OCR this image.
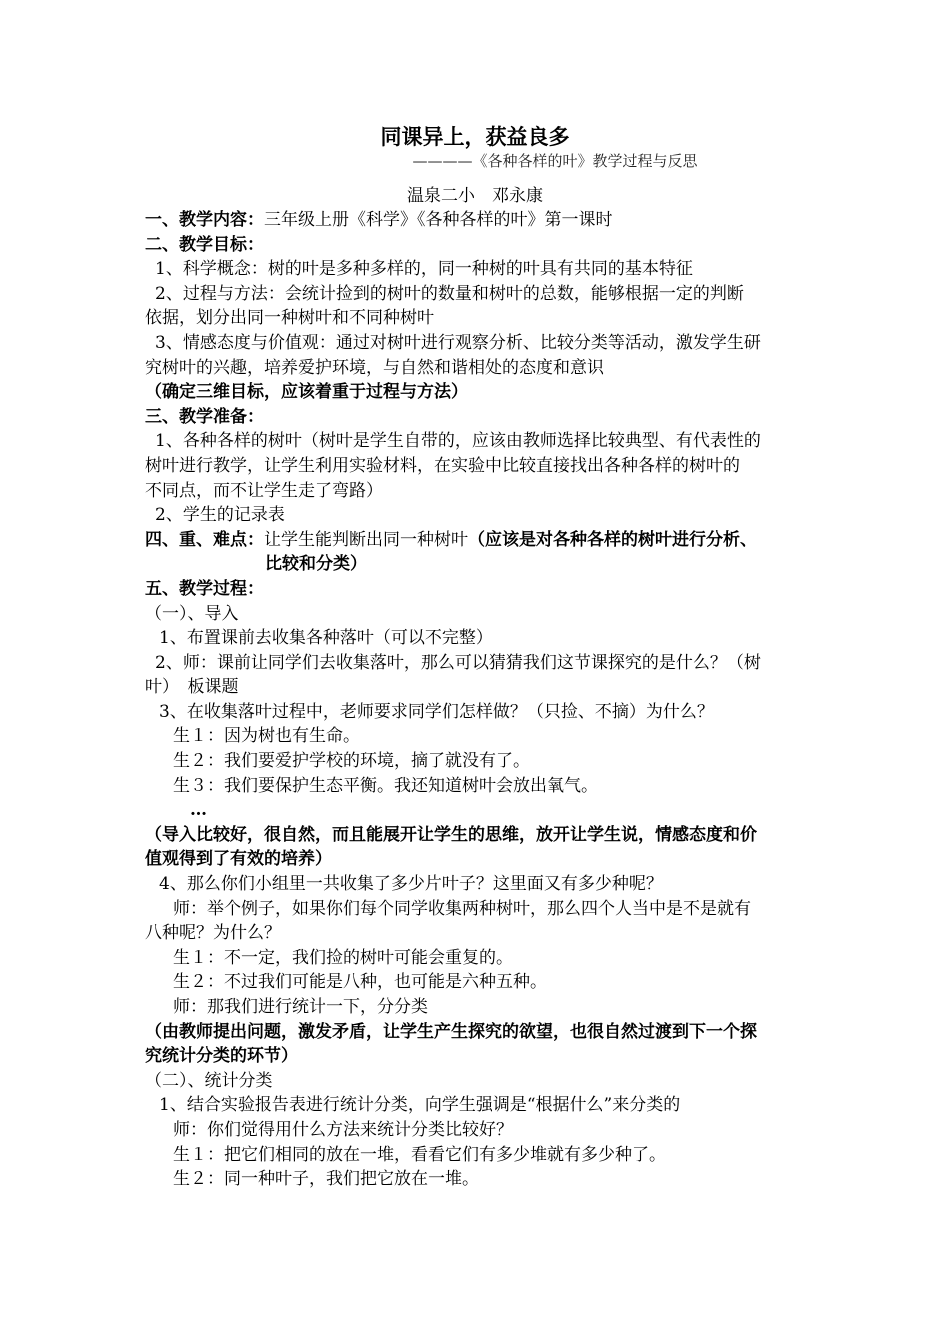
同课异上，获益良多
————《各种各样的叶》教学过程与反思
温泉二小　邓永康
一、教学内容：三年级上册《科学》《各种各样的叶》第一课时
二、教学目标：
1、科学概念：树的叶是多种多样的，同一种树的叶具有共同的基本特征
2、过程与方法：会统计捡到的树叶的数量和树叶的总数，能够根据一定的判断
依据，划分出同一种树叶和不同种树叶
3、情感态度与价值观：通过对树叶进行观察分析、比较分类等活动，激发学生研
究树叶的兴趣，培养爱护环境，与自然和谐相处的态度和意识
（确定三维目标，应该着重于过程与方法）
三、教学准备：
1、各种各样的树叶（树叶是学生自带的，应该由教师选择比较典型、有代表性的
树叶进行教学，让学生利用实验材料，在实验中比较直接找出各种各样的树叶的
不同点，而不让学生走了弯路）
2、学生的记录表
四、重、难点：让学生能判断出同一种树叶（应该是对各种各样的树叶进行分析、
比较和分类）
五、教学过程：
（一）、导入
1、布置课前去收集各种落叶（可以不完整）
2、师：课前让同学们去收集落叶，那么可以猜猜我们这节课探究的是什么？（树
叶）　板课题
3、在收集落叶过程中，老师要求同学们怎样做？（只捡、不摘）为什么？
生１：因为树也有生命。
生２：我们要爱护学校的环境，摘了就没有了。
生３：我们要保护生态平衡。我还知道树叶会放出氧气。
…
（导入比较好，很自然，而且能展开让学生的思维，放开让学生说，情感态度和价
值观得到了有效的培养）
4、那么你们小组里一共收集了多少片叶子？这里面又有多少种呢？
师：举个例子，如果你们每个同学收集两种树叶，那么四个人当中是不是就有
八种呢？为什么？
生１：不一定，我们捡的树叶可能会重复的。
生２：不过我们可能是八种，也可能是六种五种。
师：那我们进行统计一下，分分类
（由教师提出问题，激发矛盾，让学生产生探究的欲望，也很自然过渡到下一个探
究统计分类的环节）
（二）、统计分类
1、结合实验报告表进行统计分类，向学生强调是“根据什么”来分类的
师：你们觉得用什么方法来统计分类比较好？
生１：把它们相同的放在一堆，看看它们有多少堆就有多少种了。
生２：同一种叶子，我们把它放在一堆。
